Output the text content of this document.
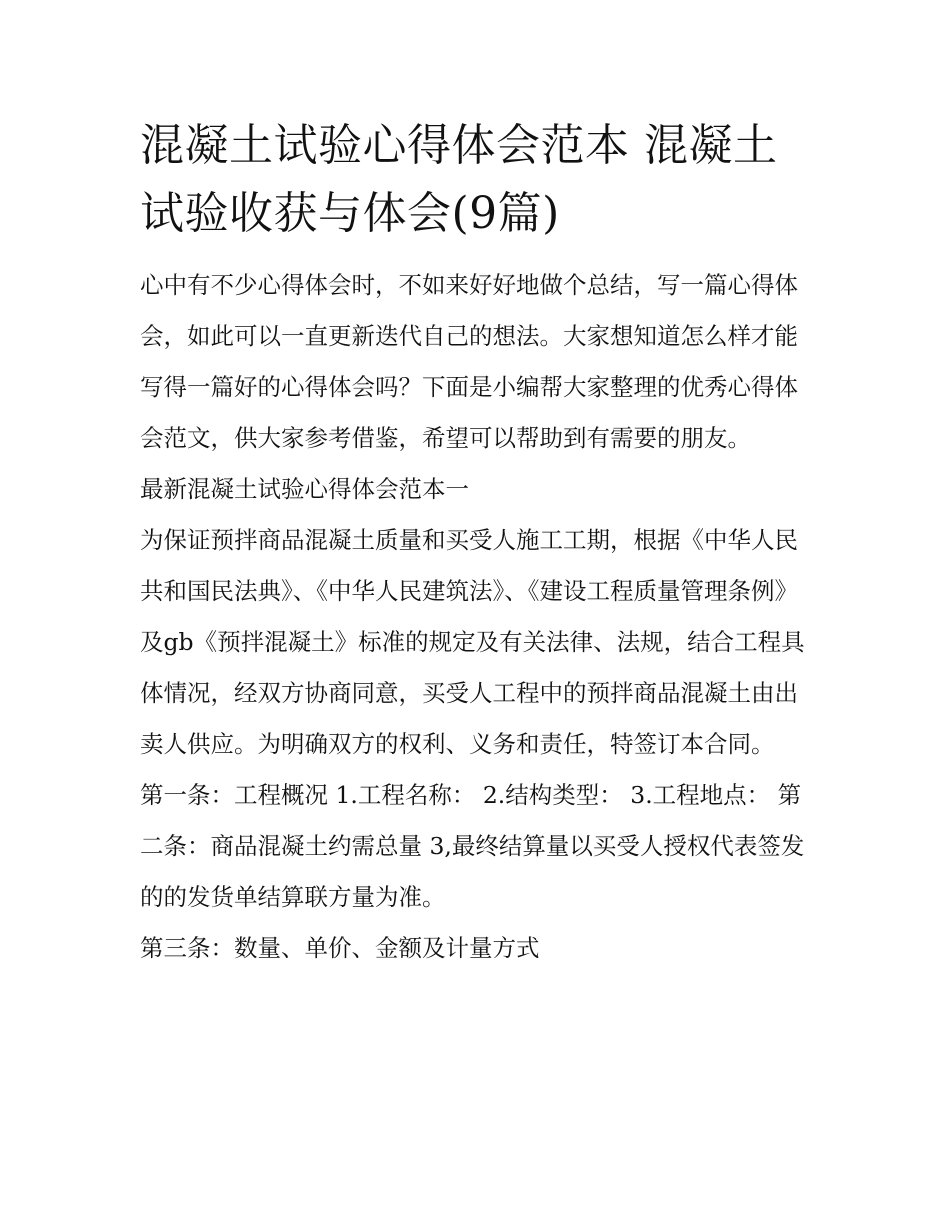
混凝土试验心得体会范本 混凝土试验收获与体会(9篇)

心中有不少心得体会时，不如来好好地做个总结，写一篇心得体会，如此可以一直更新迭代自己的想法。大家想知道怎么样才能写得一篇好的心得体会吗？下面是小编帮大家整理的优秀心得体会范文，供大家参考借鉴，希望可以帮助到有需要的朋友。

最新混凝土试验心得体会范本一

为保证预拌商品混凝土质量和买受人施工工期，根据《中华人民共和国民法典》、《中华人民建筑法》、《建设工程质量管理条例》及gb《预拌混凝土》标准的规定及有关法律、法规，结合工程具体情况，经双方协商同意，买受人工程中的预拌商品混凝土由出卖人供应。为明确双方的权利、义务和责任，特签订本合同。

第一条：工程概况 1.工程名称： 2.结构类型： 3.工程地点： 第二条：商品混凝土约需总量 3,最终结算量以买受人授权代表签发的的发货单结算联方量为准。

第三条：数量、单价、金额及计量方式
